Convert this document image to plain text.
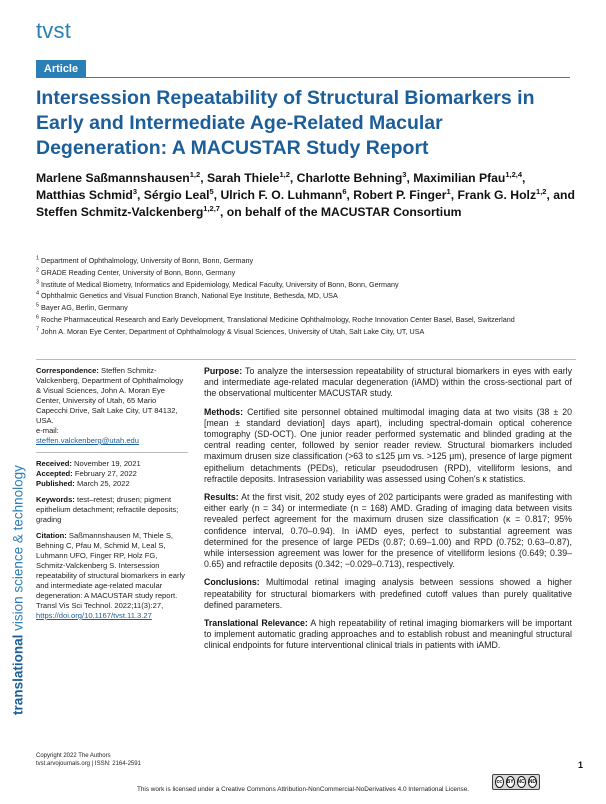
tvst
Article
Intersession Repeatability of Structural Biomarkers in Early and Intermediate Age-Related Macular Degeneration: A MACUSTAR Study Report

Marlene Saßmannshausen$^{1,2}$, Sarah Thiele$^{1,2}$, Charlotte Behning$^3$, Maximilian Pfau$^{1,2,4}$, Matthias Schmid$^3$, Sérgio Leal$^5$, Ulrich F. O. Luhmann$^6$, Robert P. Finger$^1$, Frank G. Holz$^{1,2}$, and Steffen Schmitz-Valckenberg$^{1,2,7}$, on behalf of the MACUSTAR Consortium

$^1$ Department of Ophthalmology, University of Bonn, Bonn, Germany
$^2$ GRADE Reading Center, University of Bonn, Bonn, Germany
$^3$ Institute of Medical Biometry, Informatics and Epidemiology, Medical Faculty, University of Bonn, Bonn, Germany
$^4$ Ophthalmic Genetics and Visual Function Branch, National Eye Institute, Bethesda, MD, USA
$^5$ Bayer AG, Berlin, Germany
$^6$ Roche Pharmaceutical Research and Early Development, Translational Medicine Ophthalmology, Roche Innovation Center Basel, Basel, Switzerland
$^7$ John A. Moran Eye Center, Department of Ophthalmology & Visual Sciences, University of Utah, Salt Lake City, UT, USA
Correspondence: Steffen Schmitz-Valckenberg, Department of Ophthalmology & Visual Sciences, John A. Moran Eye Center, University of Utah, 65 Mario Capecchi Drive, Salt Lake City, UT 84132, USA.
e-mail:
steffen.valckenberg@utah.edu
Received: November 19, 2021
Accepted: February 27, 2022
Published: March 25, 2022
Keywords: test–retest; drusen; pigment epithelium detachment; refractile deposits; grading
Citation: Saßmannshausen M, Thiele S, Behning C, Pfau M, Schmid M, Leal S, Luhmann UFO, Finger RP, Holz FG, Schmitz-Valckenberg S. Intersession repeatability of structural biomarkers in early and intermediate age-related macular degeneration: A MACUSTAR study report. Transl Vis Sci Technol. 2022;11(3):27, https://doi.org/10.1167/tvst.11.3.27

Purpose: To analyze the intersession repeatability of structural biomarkers in eyes with early and intermediate age-related macular degeneration (iAMD) within the cross-sectional part of the observational multicenter MACUSTAR study.

Methods: Certified site personnel obtained multimodal imaging data at two visits (38 ± 20 [mean ± standard deviation] days apart), including spectral-domain optical coherence tomography (SD-OCT). One junior reader performed systematic and blinded grading at the central reading center, followed by senior reader review. Structural biomarkers included maximum drusen size classification (>63 to ≤125 µm vs. >125 µm), presence of large pigment epithelium detachments (PEDs), reticular pseudodrusen (RPD), vitelliform lesions, and refractile deposits. Intrasession variability was assessed using Cohen's κ statistics.

Results: At the first visit, 202 study eyes of 202 participants were graded as manifesting with either early (n = 34) or intermediate (n = 168) AMD. Grading of imaging data between visits revealed perfect agreement for the maximum drusen size classification (κ = 0.817; 95% confidence interval, 0.70–0.94). In iAMD eyes, perfect to substantial agreement was determined for the presence of large PEDs (0.87; 0.69–1.00) and RPD (0.752; 0.63–0.87), while intersession agreement was lower for the presence of vitelliform lesions (0.649; 0.39–0.65) and refractile deposits (0.342; −0.029–0.713), respectively.

Conclusions: Multimodal retinal imaging analysis between sessions showed a higher repeatability for structural biomarkers with predefined cutoff values than purely qualitative defined parameters.

Translational Relevance: A high repeatability of retinal imaging biomarkers will be important to implement automatic grading approaches and to establish robust and meaningful structural clinical endpoints for future interventional clinical trials in patients with iAMD.

translational vision science & technology
Copyright 2022 The Authors
tvst.arvojournals.org | ISSN: 2164-2591	1
cc BY NC ND
This work is licensed under a Creative Commons Attribution-NonCommercial-NoDerivatives 4.0 International License.
